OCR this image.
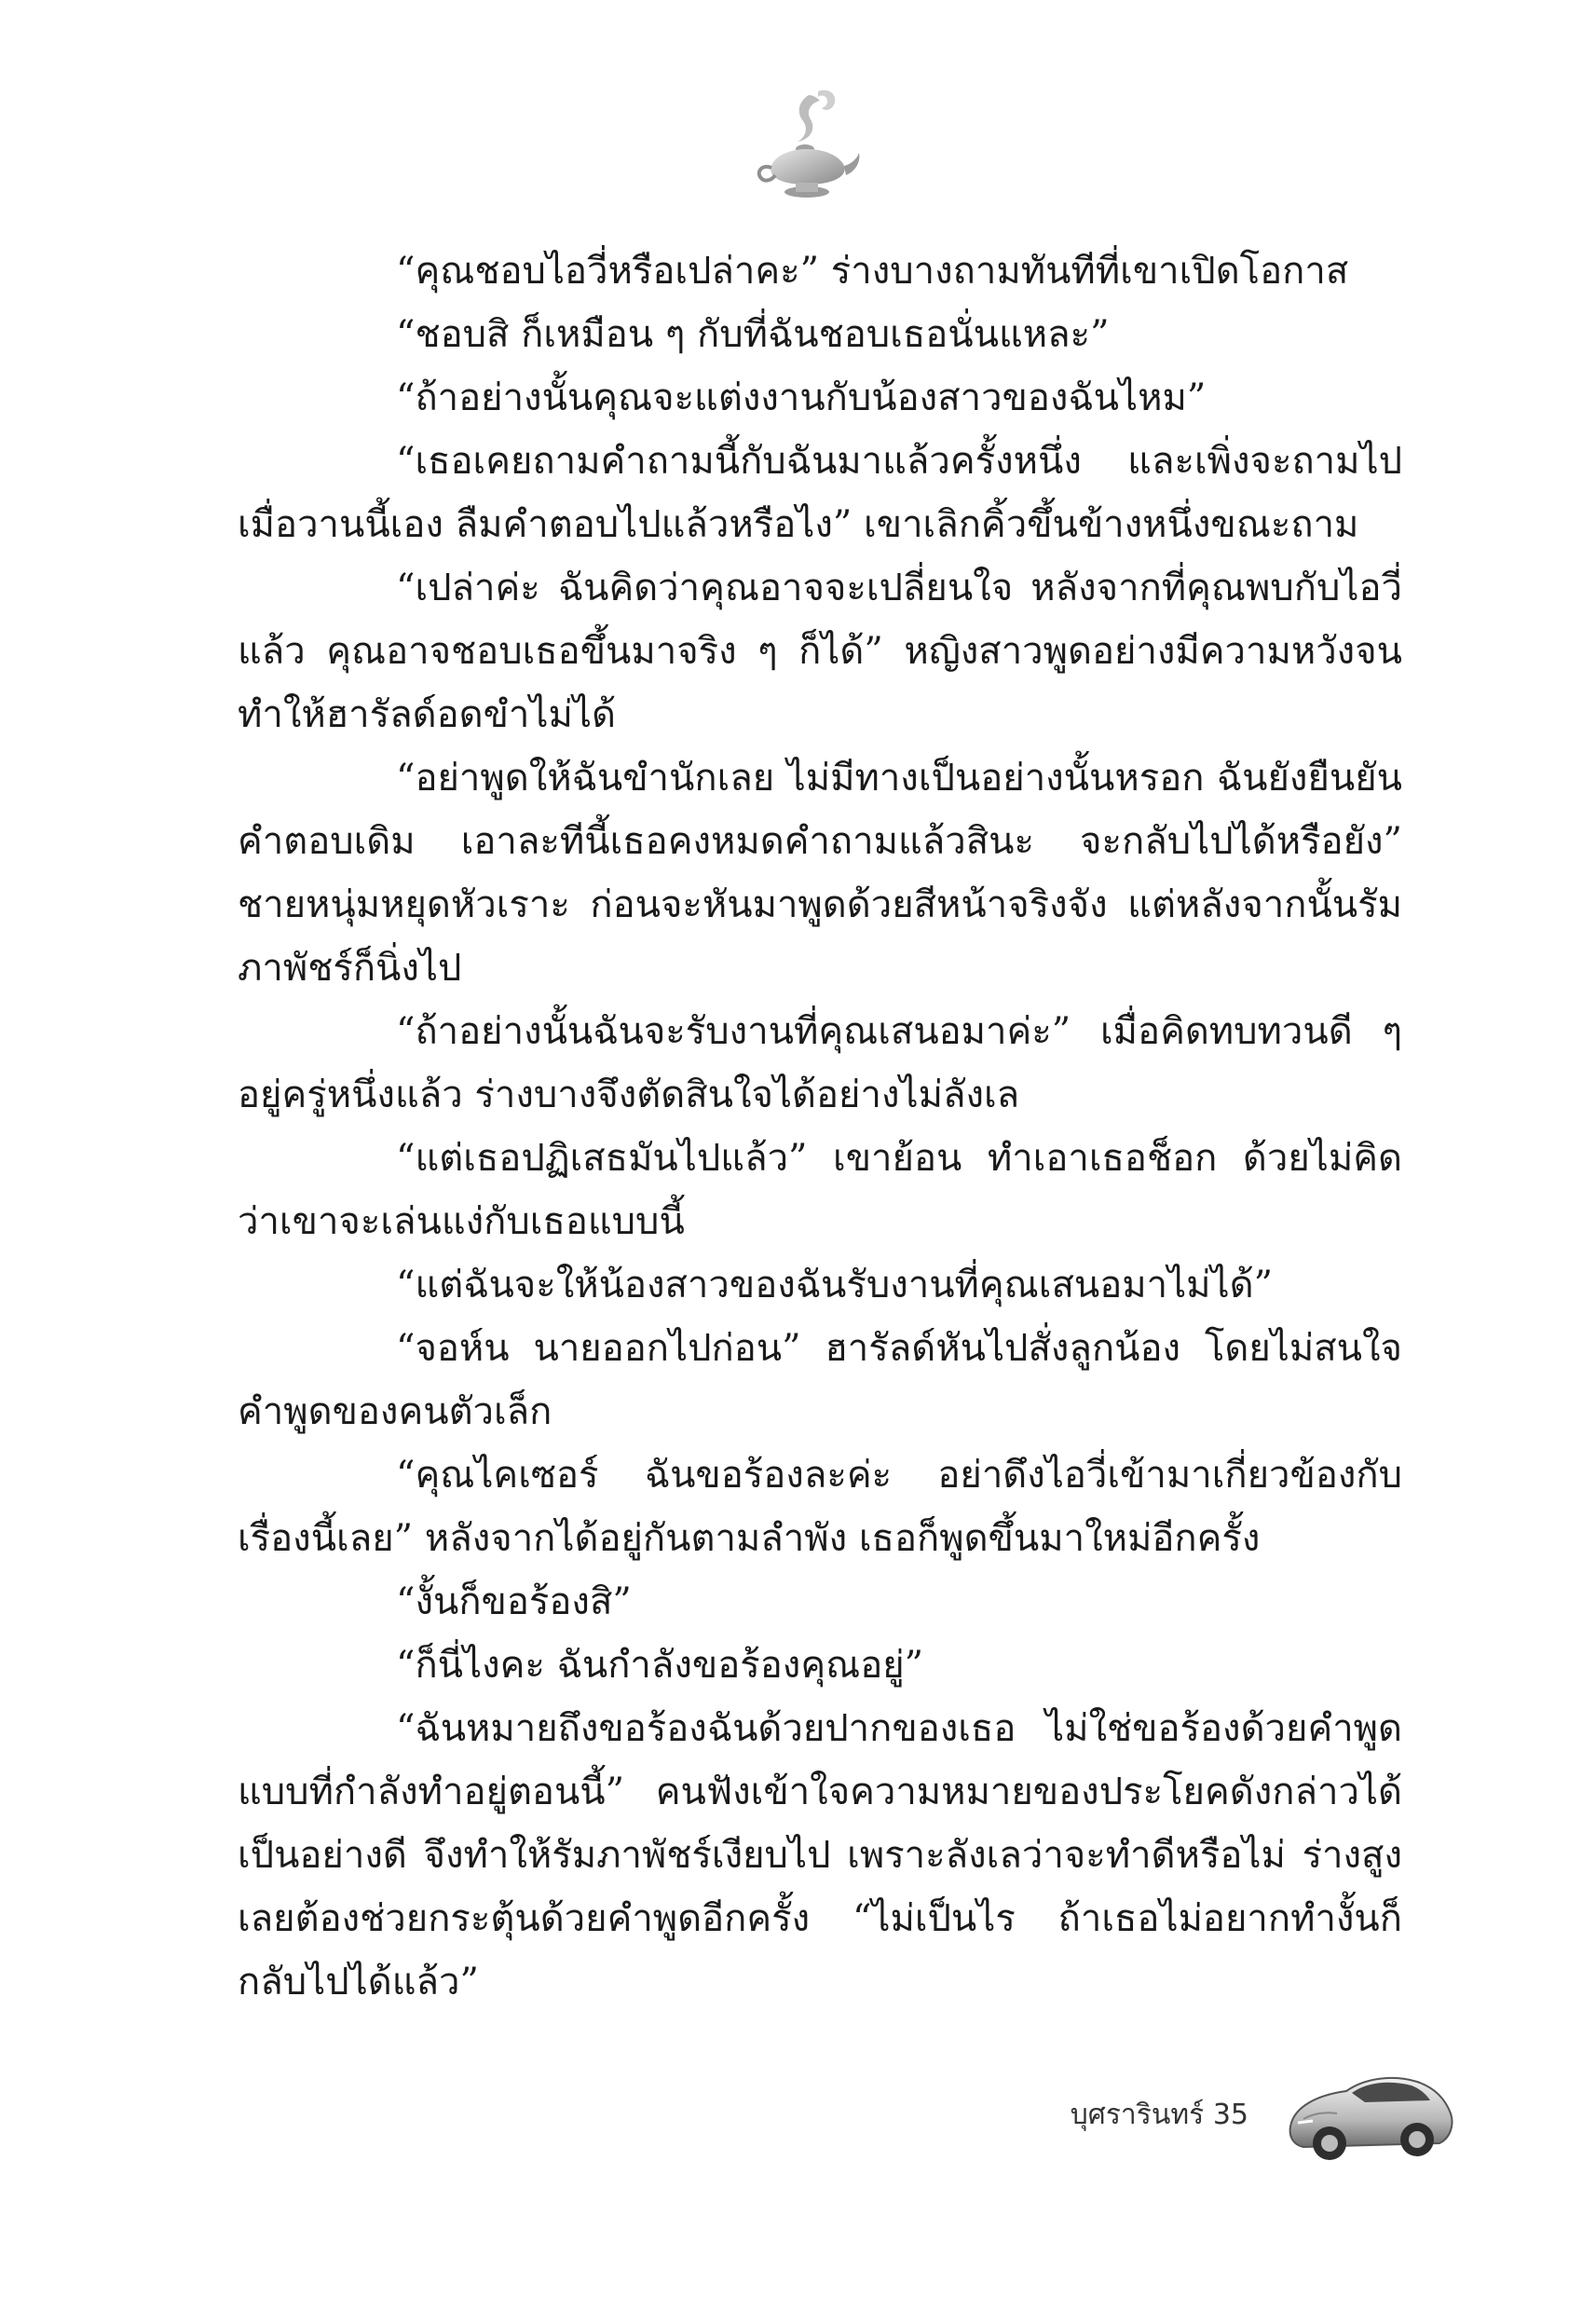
“คุณชอบไอวี่หรือเปล่าคะ” ร่างบางถามทันทีที่เขาเปิดโอกาส

“ชอบสิ ก็เหมือน ๆ กับที่ฉันชอบเธอนั่นแหละ”

“ถ้าอย่างนั้นคุณจะแต่งงานกับน้องสาวของฉันไหม”

“เธอเคยถามคำถามนี้กับฉันมาแล้วครั้งหนึ่ง และเพิ่งจะถามไปเมื่อวานนี้เอง ลืมคำตอบไปแล้วหรือไง” เขาเลิกคิ้วขึ้นข้างหนึ่งขณะถาม

“เปล่าค่ะ ฉันคิดว่าคุณอาจจะเปลี่ยนใจ หลังจากที่คุณพบกับไอวี่แล้ว คุณอาจชอบเธอขึ้นมาจริง ๆ ก็ได้” หญิงสาวพูดอย่างมีความหวังจนทำให้ฮารัลด์อดขำไม่ได้

“อย่าพูดให้ฉันขำนักเลย ไม่มีทางเป็นอย่างนั้นหรอก ฉันยังยืนยันคำตอบเดิม เอาละทีนี้เธอคงหมดคำถามแล้วสินะ จะกลับไปได้หรือยัง” ชายหนุ่มหยุดหัวเราะ ก่อนจะหันมาพูดด้วยสีหน้าจริงจัง แต่หลังจากนั้นรัมภาพัชร์ก็นิ่งไป

“ถ้าอย่างนั้นฉันจะรับงานที่คุณเสนอมาค่ะ” เมื่อคิดทบทวนดี ๆ อยู่ครู่หนึ่งแล้ว ร่างบางจึงตัดสินใจได้อย่างไม่ลังเล

“แต่เธอปฏิเสธมันไปแล้ว” เขาย้อน ทำเอาเธอช็อก ด้วยไม่คิดว่าเขาจะเล่นแง่กับเธอแบบนี้

“แต่ฉันจะให้น้องสาวของฉันรับงานที่คุณเสนอมาไม่ได้”

“จอห์น นายออกไปก่อน” ฮารัลด์หันไปสั่งลูกน้อง โดยไม่สนใจคำพูดของคนตัวเล็ก

“คุณไคเซอร์ ฉันขอร้องละค่ะ อย่าดึงไอวี่เข้ามาเกี่ยวข้องกับเรื่องนี้เลย” หลังจากได้อยู่กันตามลำพัง เธอก็พูดขึ้นมาใหม่อีกครั้ง

“งั้นก็ขอร้องสิ”

“ก็นี่ไงคะ ฉันกำลังขอร้องคุณอยู่”

“ฉันหมายถึงขอร้องฉันด้วยปากของเธอ ไม่ใช่ขอร้องด้วยคำพูดแบบที่กำลังทำอยู่ตอนนี้” คนฟังเข้าใจความหมายของประโยคดังกล่าวได้เป็นอย่างดี จึงทำให้รัมภาพัชร์เงียบไป เพราะลังเลว่าจะทำดีหรือไม่ ร่างสูงเลยต้องช่วยกระตุ้นด้วยคำพูดอีกครั้ง “ไม่เป็นไร ถ้าเธอไม่อยากทำงั้นก็กลับไปได้แล้ว”

บุศรารินทร์ 35
